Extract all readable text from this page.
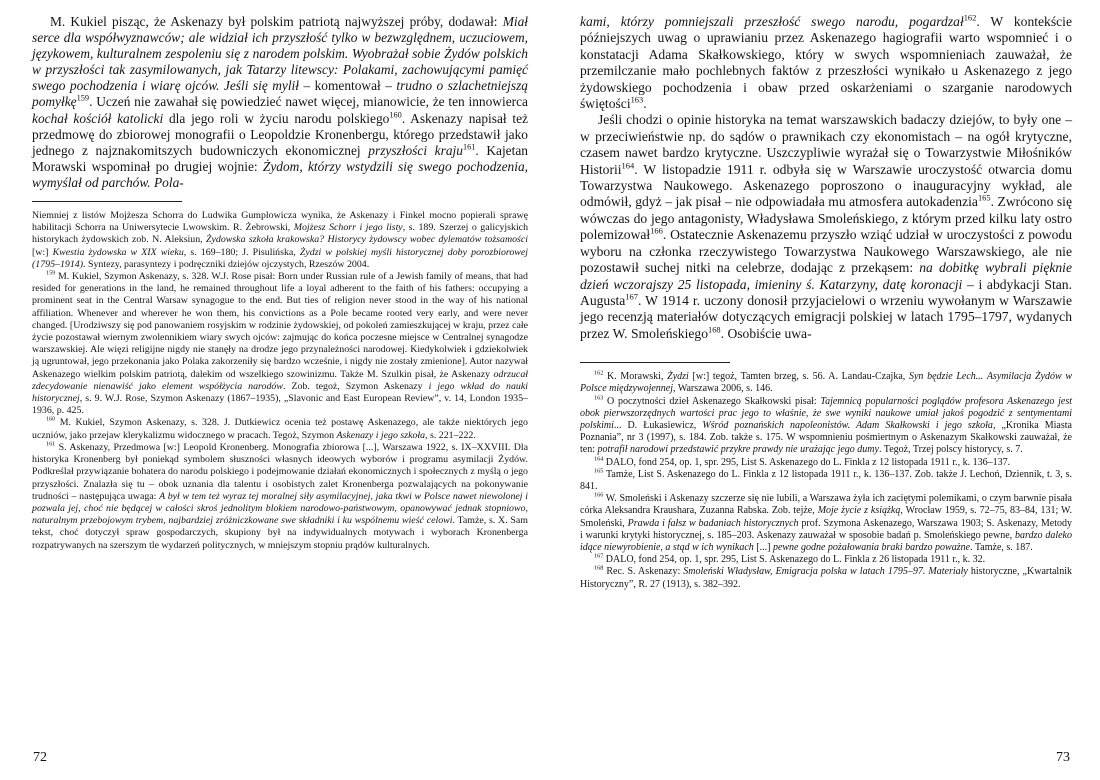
M. Kukiel pisząc, że Askenazy był polskim patriotą najwyższej próby, dodawał: Miał serce dla współwyznawców; ale widział ich przyszłość tylko w bezwzględnem, uczuciowem, językowem, kulturalnem zespoleniu się z narodem polskim. Wyobrażał sobie Żydów polskich w przyszłości tak zasymilowanych, jak Tatarzy litewscy: Polakami, zachowującymi pamięć swego pochodzenia i wiarę ojców. Jeśli się mylił – komentował – trudno o szlachetniejszą pomyłkę$^{159}$. Uczeń nie zawahał się powiedzieć nawet więcej, mianowicie, że ten innowierca kochał kościół katolicki dla jego roli w życiu narodu polskiego$^{160}$. Askenazy napisał też przedmowę do zbiorowej monografii o Leopoldzie Kronenbergu, którego przedstawił jako jednego z najznakomitszych budowniczych ekonomicznej przyszłości kraju$^{161}$. Kajetan Morawski wspominał po drugiej wojnie: Żydom, którzy wstydzili się swego pochodzenia, wymyślał od parchów. Pola-

Niemniej z listów Mojżesza Schorra do Ludwika Gumplowicza wynika, że Askenazy i Finkel mocno popierali sprawę habilitacji Schorra na Uniwersytecie Lwowskim. R. Żebrowski, Mojżesz Schorr i jego listy, s. 189. Szerzej o galicyjskich historykach żydowskich zob. N. Aleksiun, Żydowska szkoła krakowska? Historycy żydowscy wobec dylematów tożsamości [w:] Kwestia żydowska w XIX wieku, s. 169–180; J. Pisulińska, Żydzi w polskiej myśli historycznej doby porozbiorowej (1795–1914). Syntezy, parasyntezy i podręczniki dziejów ojczystych, Rzeszów 2004.

$^{159}$ M. Kukiel, Szymon Askenazy, s. 328. W.J. Rose pisał: Born under Russian rule of a Jewish family of means, that had resided for generations in the land, he remained throughout life a loyal adherent to the faith of his fathers: occupying a prominent seat in the Central Warsaw synagogue to the end. But ties of religion never stood in the way of his national affiliation. Whenever and wherever he won them, his convictions as a Pole became rooted very early, and were never changed. [Urodziwszy się pod panowaniem rosyjskim w rodzinie żydowskiej, od pokoleń zamieszkującej w kraju, przez całe życie pozostawał wiernym zwolennikiem wiary swych ojców: zajmując do końca poczesne miejsce w Centralnej synagodze warszawskiej. Ale więzi religijne nigdy nie stanęły na drodze jego przynależności narodowej. Kiedykolwiek i gdziekolwiek ją ugruntował, jego przekonania jako Polaka zakorzeniły się bardzo wcześnie, i nigdy nie zostały zmienione]. Autor nazywał Askenazego wielkim polskim patriotą, dalekim od wszelkiego szowinizmu. Także M. Szulkin pisał, że Askenazy odrzucał zdecydowanie nienawiść jako element współżycia narodów. Zob. tegoż, Szymon Askenazy i jego wkład do nauki historycznej, s. 9. W.J. Rose, Szymon Askenazy (1867–1935), „Slavonic and East European Review”, v. 14, London 1935–1936, p. 425.

$^{160}$ M. Kukiel, Szymon Askenazy, s. 328. J. Dutkiewicz ocenia też postawę Askenazego, ale także niektórych jego uczniów, jako przejaw klerykalizmu widocznego w pracach. Tegoż, Szymon Askenazy i jego szkoła, s. 221–222.

$^{161}$ S. Askenazy, Przedmowa [w:] Leopold Kronenberg. Monografia zbiorowa [...], Warszawa 1922, s. IX–XXVIII. Dla historyka Kronenberg był poniekąd symbolem słuszności własnych ideowych wyborów i programu asymilacji Żydów. Podkreślał przywiązanie bohatera do narodu polskiego i podejmowanie działań ekonomicznych i społecznych z myślą o jego przyszłości. Znalazła się tu – obok uznania dla talentu i osobistych zalet Kronenberga pozwalających na pokonywanie trudności – następująca uwaga: A był w tem też wyraz tej moralnej siły asymilacyjnej, jaka tkwi w Polsce nawet niewolonej i pozwala jej, choć nie będącej w całości skroś jednolitym blokiem narodowo-państwowym, opanowywać jednak stopniowo, naturalnym przebojowym trybem, najbardziej zróżniczkowane swe składniki i ku wspólnemu wieść celowi. Tamże, s. X. Sam tekst, choć dotyczył spraw gospodarczych, skupiony był na indywidualnych motywach i wyborach Kronenberga rozpatrywanych na szerszym tle wydarzeń politycznych, w mniejszym stopniu prądów kulturalnych.

72

kami, którzy pomniejszali przeszłość swego narodu, pogardzał$^{162}$. W kontekście późniejszych uwag o uprawianiu przez Askenazego hagiografii warto wspomnieć i o konstatacji Adama Skałkowskiego, który w swych wspomnieniach zauważał, że przemilczanie mało pochlebnych faktów z przeszłości wynikało u Askenazego z jego żydowskiego pochodzenia i obaw przed oskarżeniami o szarganie narodowych świętości$^{163}$.

Jeśli chodzi o opinie historyka na temat warszawskich badaczy dziejów, to były one – w przeciwieństwie np. do sądów o prawnikach czy ekonomistach – na ogół krytyczne, czasem nawet bardzo krytyczne. Uszczypliwie wyrażał się o Towarzystwie Miłośników Historii$^{164}$. W listopadzie 1911 r. odbyła się w Warszawie uroczystość otwarcia domu Towarzystwa Naukowego. Askenazego poproszono o inauguracyjny wykład, ale odmówił, gdyż – jak pisał – nie odpowiadała mu atmosfera autokadenzia$^{165}$. Zwrócono się wówczas do jego antagonisty, Władysława Smoleńskiego, z którym przed kilku laty ostro polemizował$^{166}$. Ostatecznie Askenazemu przyszło wziąć udział w uroczystości z powodu wyboru na członka rzeczywistego Towarzystwa Naukowego Warszawskiego, ale nie pozostawił suchej nitki na celebrze, dodając z przekąsem: na dobitkę wybrali pięknie dzień wczorajszy 25 listopada, imieniny ś. Katarzyny, datę koronacji – i abdykacji Stan. Augusta$^{167}$. W 1914 r. uczony donosił przyjacielowi o wrzeniu wywołanym w Warszawie jego recenzją materiałów dotyczących emigracji polskiej w latach 1795–1797, wydanych przez W. Smoleńskiego$^{168}$. Osobiście uwa-

$^{162}$ K. Morawski, Żydzi [w:] tegoż, Tamten brzeg, s. 56. A. Landau-Czajka, Syn będzie Lech... Asymilacja Żydów w Polsce międzywojennej, Warszawa 2006, s. 146.

$^{163}$ O poczytności dzieł Askenazego Skałkowski pisał: Tajemnicą popularności poglądów profesora Askenazego jest obok pierwszorzędnych wartości prac jego to właśnie, że swe wyniki naukowe umiał jakoś pogodzić z sentymentami polskimi... D. Łukasiewicz, Wśród poznańskich napoleonistów. Adam Skałkowski i jego szkoła, „Kronika Miasta Poznania”, nr 3 (1997), s. 184. Zob. także s. 175. W wspomnieniu pośmiertnym o Askenazym Skałkowski zauważał, że ten: potrafił narodowi przedstawić przykre prawdy nie urażając jego dumy. Tegoż, Trzej polscy historycy, s. 7.

$^{164}$ DALO, fond 254, op. 1, spr. 295, List S. Askenazego do L. Finkla z 12 listopada 1911 r., k. 136–137.

$^{165}$ Tamże, List S. Askenazego do L. Finkla z 12 listopada 1911 r., k. 136–137. Zob. także J. Lechoń, Dziennik, t. 3, s. 841.

$^{166}$ W. Smoleński i Askenazy szczerze się nie lubili, a Warszawa żyła ich zaciętymi polemikami, o czym barwnie pisała córka Aleksandra Kraushara, Zuzanna Rabska. Zob. tejże, Moje życie z książką, Wrocław 1959, s. 72–75, 83–84, 131; W. Smoleński, Prawda i fałsz w badaniach historycznych prof. Szymona Askenazego, Warszawa 1903; S. Askenazy, Metody i warunki krytyki historycznej, s. 185–203. Askenazy zauważał w sposobie badań p. Smoleńskiego pewne, bardzo daleko idące niewyrobienie, a stąd w ich wynikach [...] pewne godne pożałowania braki bardzo poważne. Tamże, s. 187.

$^{167}$ DALO, fond 254, op. 1, spr. 295, List S. Askenazego do L. Finkla z 26 listopada 1911 r., k. 32.

$^{168}$ Rec. S. Askenazy: Smoleński Władysław, Emigracja polska w latach 1795–97. Materiały historyczne, „Kwartalnik Historyczny”, R. 27 (1913), s. 382–392.

73
